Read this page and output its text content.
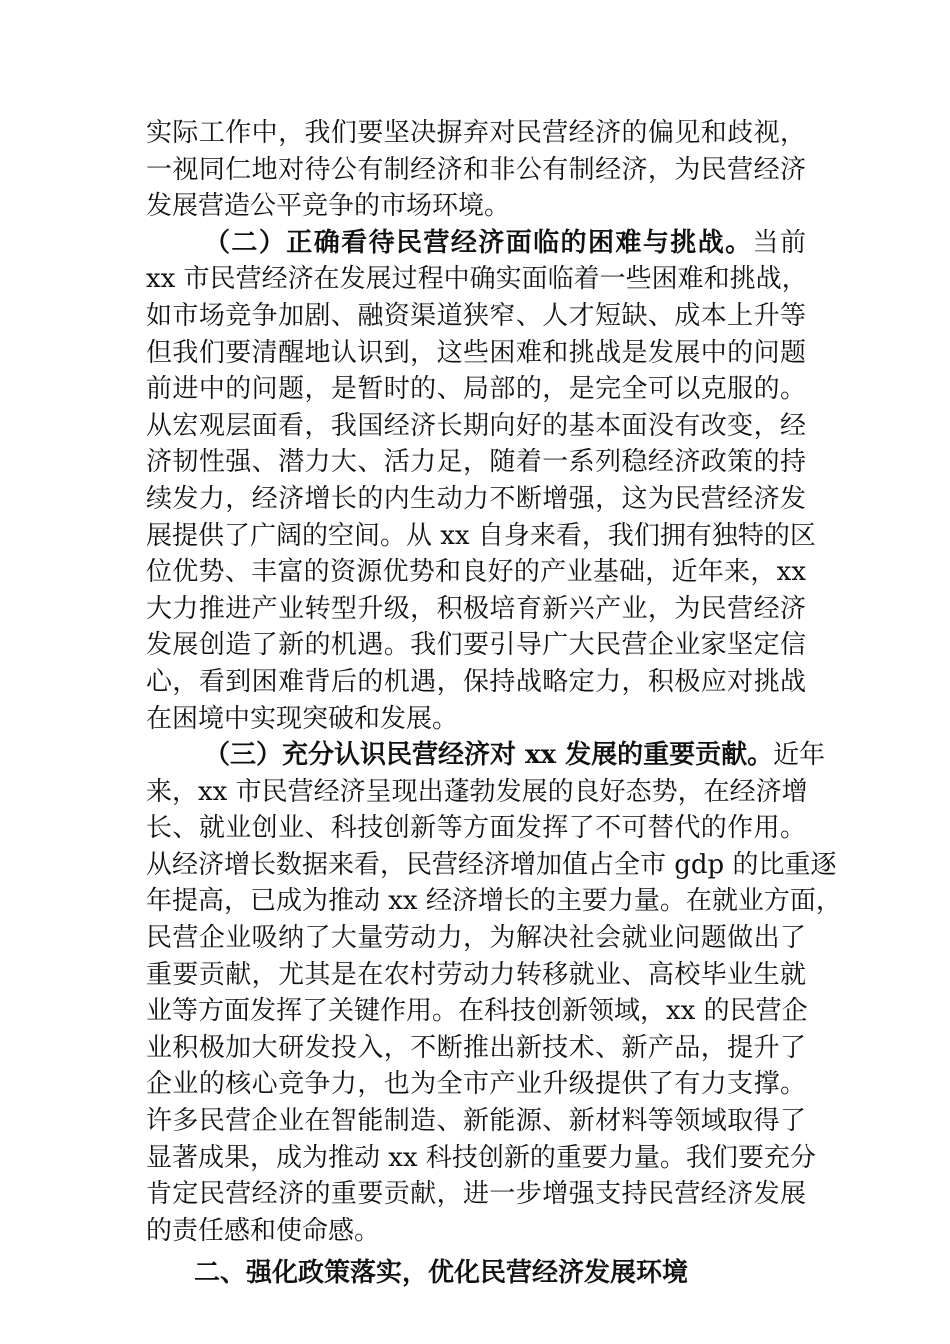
实际工作中，我们要坚决摒弃对民营经济的偏见和歧视，
一视同仁地对待公有制经济和非公有制经济，为民营经济
发展营造公平竞争的市场环境。
（二）正确看待民营经济面临的困难与挑战。当前
xx 市民营经济在发展过程中确实面临着一些困难和挑战，
如市场竞争加剧、融资渠道狭窄、人才短缺、成本上升等
但我们要清醒地认识到，这些困难和挑战是发展中的问题
前进中的问题，是暂时的、局部的，是完全可以克服的。
从宏观层面看，我国经济长期向好的基本面没有改变，经
济韧性强、潜力大、活力足，随着一系列稳经济政策的持
续发力，经济增长的内生动力不断增强，这为民营经济发
展提供了广阔的空间。从 xx 自身来看，我们拥有独特的区
位优势、丰富的资源优势和良好的产业基础，近年来，xx
大力推进产业转型升级，积极培育新兴产业，为民营经济
发展创造了新的机遇。我们要引导广大民营企业家坚定信
心，看到困难背后的机遇，保持战略定力，积极应对挑战
在困境中实现突破和发展。
（三）充分认识民营经济对 xx 发展的重要贡献。近年
来，xx 市民营经济呈现出蓬勃发展的良好态势，在经济增
长、就业创业、科技创新等方面发挥了不可替代的作用。
从经济增长数据来看，民营经济增加值占全市 gdp 的比重逐
年提高，已成为推动 xx 经济增长的主要力量。在就业方面，
民营企业吸纳了大量劳动力，为解决社会就业问题做出了
重要贡献，尤其是在农村劳动力转移就业、高校毕业生就
业等方面发挥了关键作用。在科技创新领域，xx 的民营企
业积极加大研发投入，不断推出新技术、新产品，提升了
企业的核心竞争力，也为全市产业升级提供了有力支撑。
许多民营企业在智能制造、新能源、新材料等领域取得了
显著成果，成为推动 xx 科技创新的重要力量。我们要充分
肯定民营经济的重要贡献，进一步增强支持民营经济发展
的责任感和使命感。
二、强化政策落实，优化民营经济发展环境
